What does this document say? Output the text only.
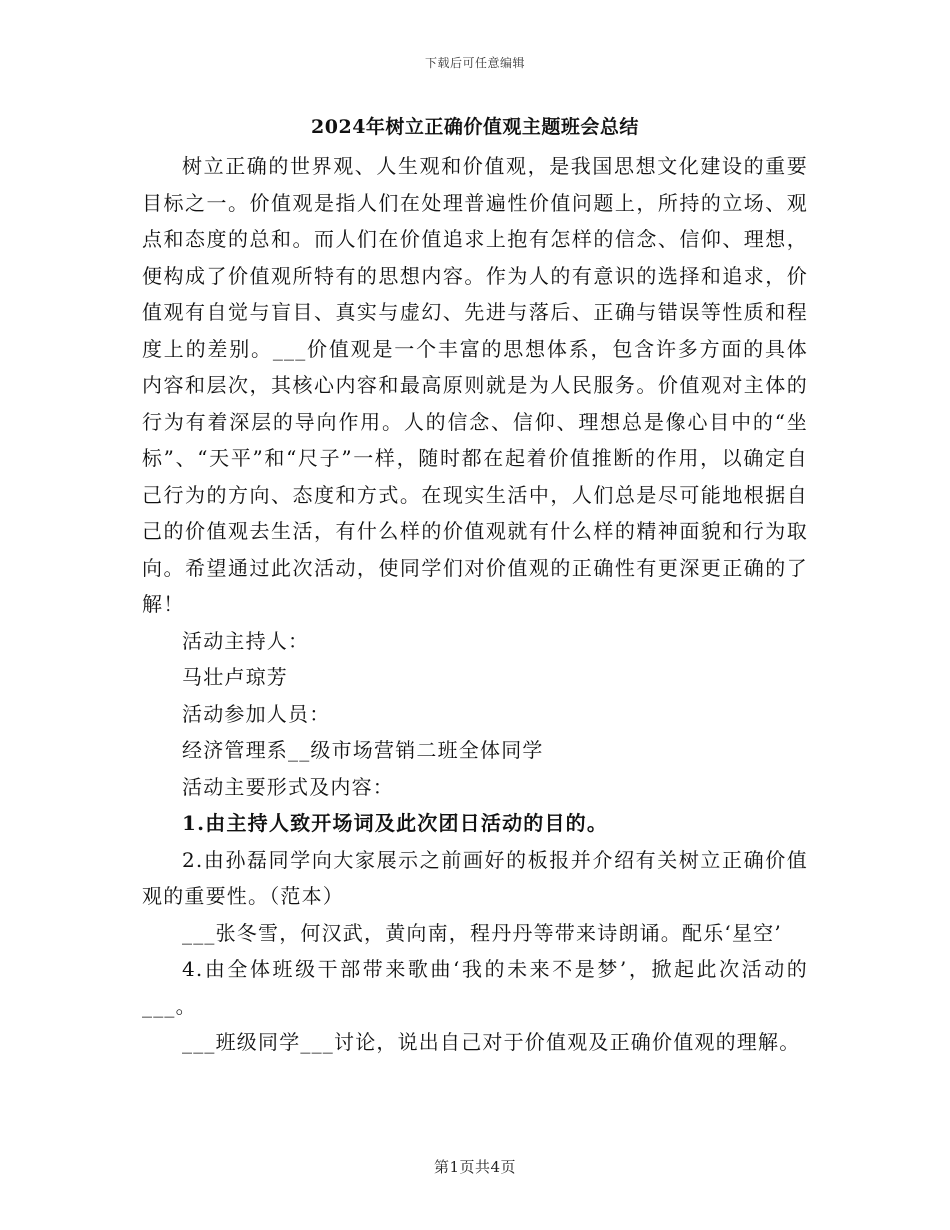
下载后可任意编辑
2024年树立正确价值观主题班会总结

树立正确的世界观、人生观和价值观，是我国思想文化建设的重要目标之一。价值观是指人们在处理普遍性价值问题上，所持的立场、观点和态度的总和。而人们在价值追求上抱有怎样的信念、信仰、理想，便构成了价值观所特有的思想内容。作为人的有意识的选择和追求，价值观有自觉与盲目、真实与虚幻、先进与落后、正确与错误等性质和程度上的差别。___价值观是一个丰富的思想体系，包含许多方面的具体内容和层次，其核心内容和最高原则就是为人民服务。价值观对主体的行为有着深层的导向作用。人的信念、信仰、理想总是像心目中的“坐标”、“天平”和“尺子”一样，随时都在起着价值推断的作用，以确定自己行为的方向、态度和方式。在现实生活中，人们总是尽可能地根据自己的价值观去生活，有什么样的价值观就有什么样的精神面貌和行为取向。希望通过此次活动，使同学们对价值观的正确性有更深更正确的了解！

活动主持人：

马壮卢琼芳

活动参加人员：

经济管理系__级市场营销二班全体同学

活动主要形式及内容：

1.由主持人致开场词及此次团日活动的目的。

2.由孙磊同学向大家展示之前画好的板报并介绍有关树立正确价值观的重要性。（范本）

___张冬雪，何汉武，黄向南，程丹丹等带来诗朗诵。配乐‘星空’

4.由全体班级干部带来歌曲‘我的未来不是梦’，掀起此次活动的___。

___班级同学___讨论，说出自己对于价值观及正确价值观的理解。

第1页共4页
